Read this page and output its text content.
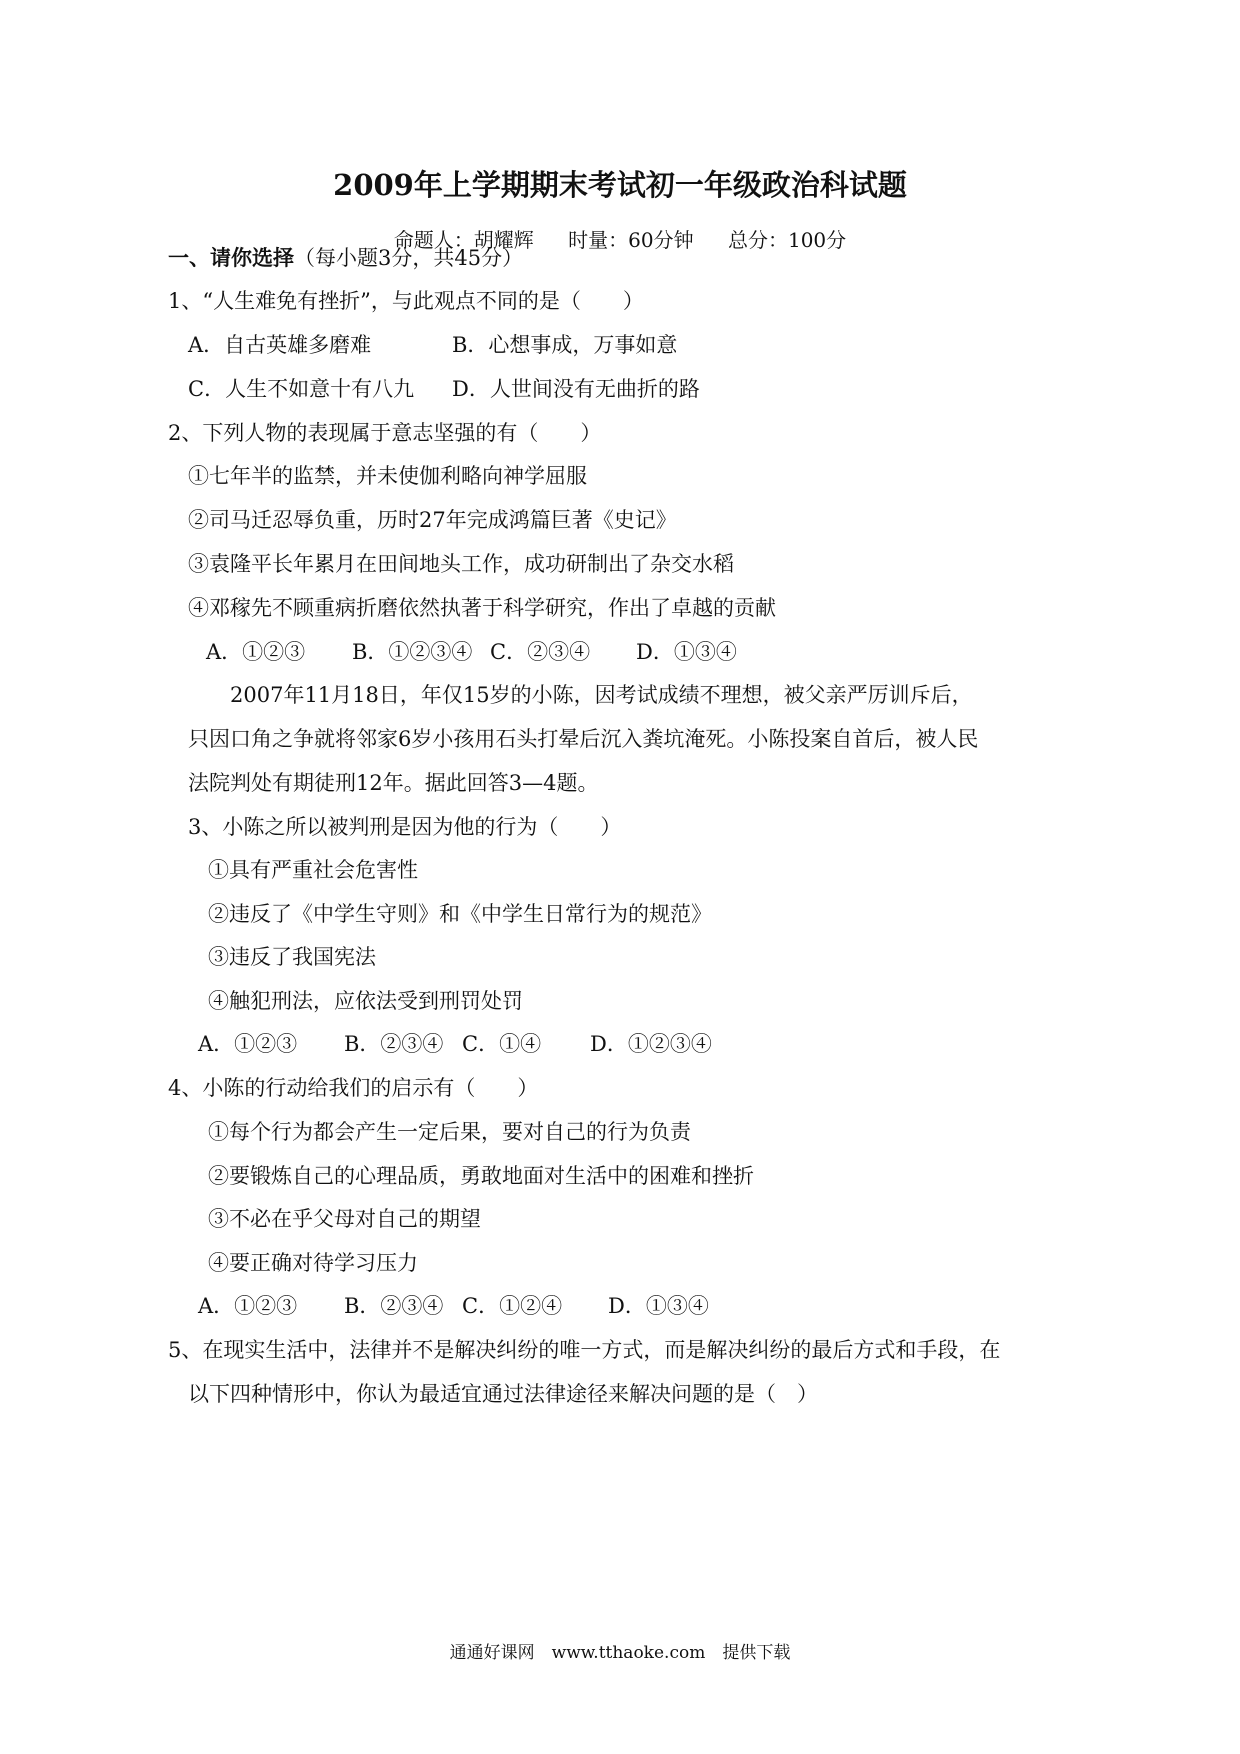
2009年上学期期末考试初一年级政治科试题
命题人：胡耀辉 时量：60分钟 总分：100分
一、请你选择（每小题3分，共45分）
1、“人生难免有挫折”，与此观点不同的是（　　）
A．自古英雄多磨难	B．心想事成，万事如意
C．人生不如意十有八九 D．人世间没有无曲折的路
2、下列人物的表现属于意志坚强的有（　　）
①七年半的监禁，并未使伽利略向神学屈服
②司马迁忍辱负重，历时27年完成鸿篇巨著《史记》
③袁隆平长年累月在田间地头工作，成功研制出了杂交水稻
④邓稼先不顾重病折磨依然执著于科学研究，作出了卓越的贡献
A．①②③ B．①②③④ C．②③④ D．①③④
2007年11月18日，年仅15岁的小陈，因考试成绩不理想，被父亲严厉训斥后，
只因口角之争就将邻家6岁小孩用石头打晕后沉入粪坑淹死。小陈投案自首后，被人民
法院判处有期徒刑12年。据此回答3—4题。
3、小陈之所以被判刑是因为他的行为（　　）
①具有严重社会危害性
②违反了《中学生守则》和《中学生日常行为的规范》
③违反了我国宪法
④触犯刑法，应依法受到刑罚处罚
A．①②③ B．②③④ C．①④ D．①②③④
4、小陈的行动给我们的启示有（　　）
①每个行为都会产生一定后果，要对自己的行为负责
②要锻炼自己的心理品质，勇敢地面对生活中的困难和挫折
③不必在乎父母对自己的期望
④要正确对待学习压力
A．①②③ B．②③④ C．①②④ D．①③④
5、在现实生活中，法律并不是解决纠纷的唯一方式，而是解决纠纷的最后方式和手段，在
以下四种情形中，你认为最适宜通过法律途径来解决问题的是（　）
通通好课网　www.tthaoke.com　提供下载
